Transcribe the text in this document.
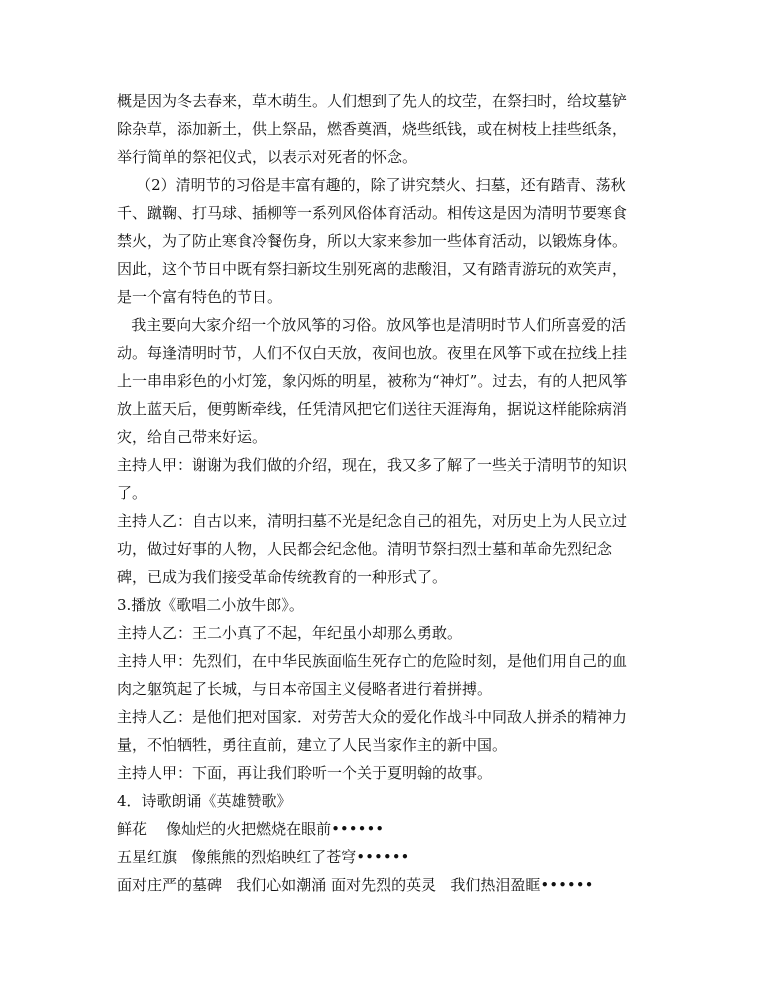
概是因为冬去春来，草木萌生。人们想到了先人的坟茔，在祭扫时，给坟墓铲
除杂草，添加新土，供上祭品，燃香奠酒，烧些纸钱，或在树枝上挂些纸条，
举行简单的祭祀仪式，以表示对死者的怀念。
（2）清明节的习俗是丰富有趣的，除了讲究禁火、扫墓，还有踏青、荡秋
千、蹴鞠、打马球、插柳等一系列风俗体育活动。相传这是因为清明节要寒食
禁火，为了防止寒食冷餐伤身，所以大家来参加一些体育活动，以锻炼身体。
因此，这个节日中既有祭扫新坟生别死离的悲酸泪，又有踏青游玩的欢笑声，
是一个富有特色的节日。
我主要向大家介绍一个放风筝的习俗。放风筝也是清明时节人们所喜爱的活
动。每逢清明时节，人们不仅白天放，夜间也放。夜里在风筝下或在拉线上挂
上一串串彩色的小灯笼，象闪烁的明星，被称为“神灯”。过去，有的人把风筝
放上蓝天后，便剪断牵线，任凭清风把它们送往天涯海角，据说这样能除病消
灾，给自己带来好运。
主持人甲：谢谢为我们做的介绍，现在，我又多了解了一些关于清明节的知识
了。
主持人乙：自古以来，清明扫墓不光是纪念自己的祖先，对历史上为人民立过
功，做过好事的人物，人民都会纪念他。清明节祭扫烈士墓和革命先烈纪念
碑，已成为我们接受革命传统教育的一种形式了。
3.播放《歌唱二小放牛郎》。
主持人乙：王二小真了不起，年纪虽小却那么勇敢。
主持人甲：先烈们，在中华民族面临生死存亡的危险时刻，是他们用自己的血
肉之躯筑起了长城，与日本帝国主义侵略者进行着拼搏。
主持人乙：是他们把对国家．对劳苦大众的爱化作战斗中同敌人拼杀的精神力
量，不怕牺牲，勇往直前，建立了人民当家作主的新中国。
主持人甲：下面，再让我们聆听一个关于夏明翰的故事。
4．诗歌朗诵《英雄赞歌》
鲜花    像灿烂的火把燃烧在眼前••••••
五星红旗   像熊熊的烈焰映红了苍穹••••••
面对庄严的墓碑   我们心如潮涌 面对先烈的英灵   我们热泪盈眶••••••
